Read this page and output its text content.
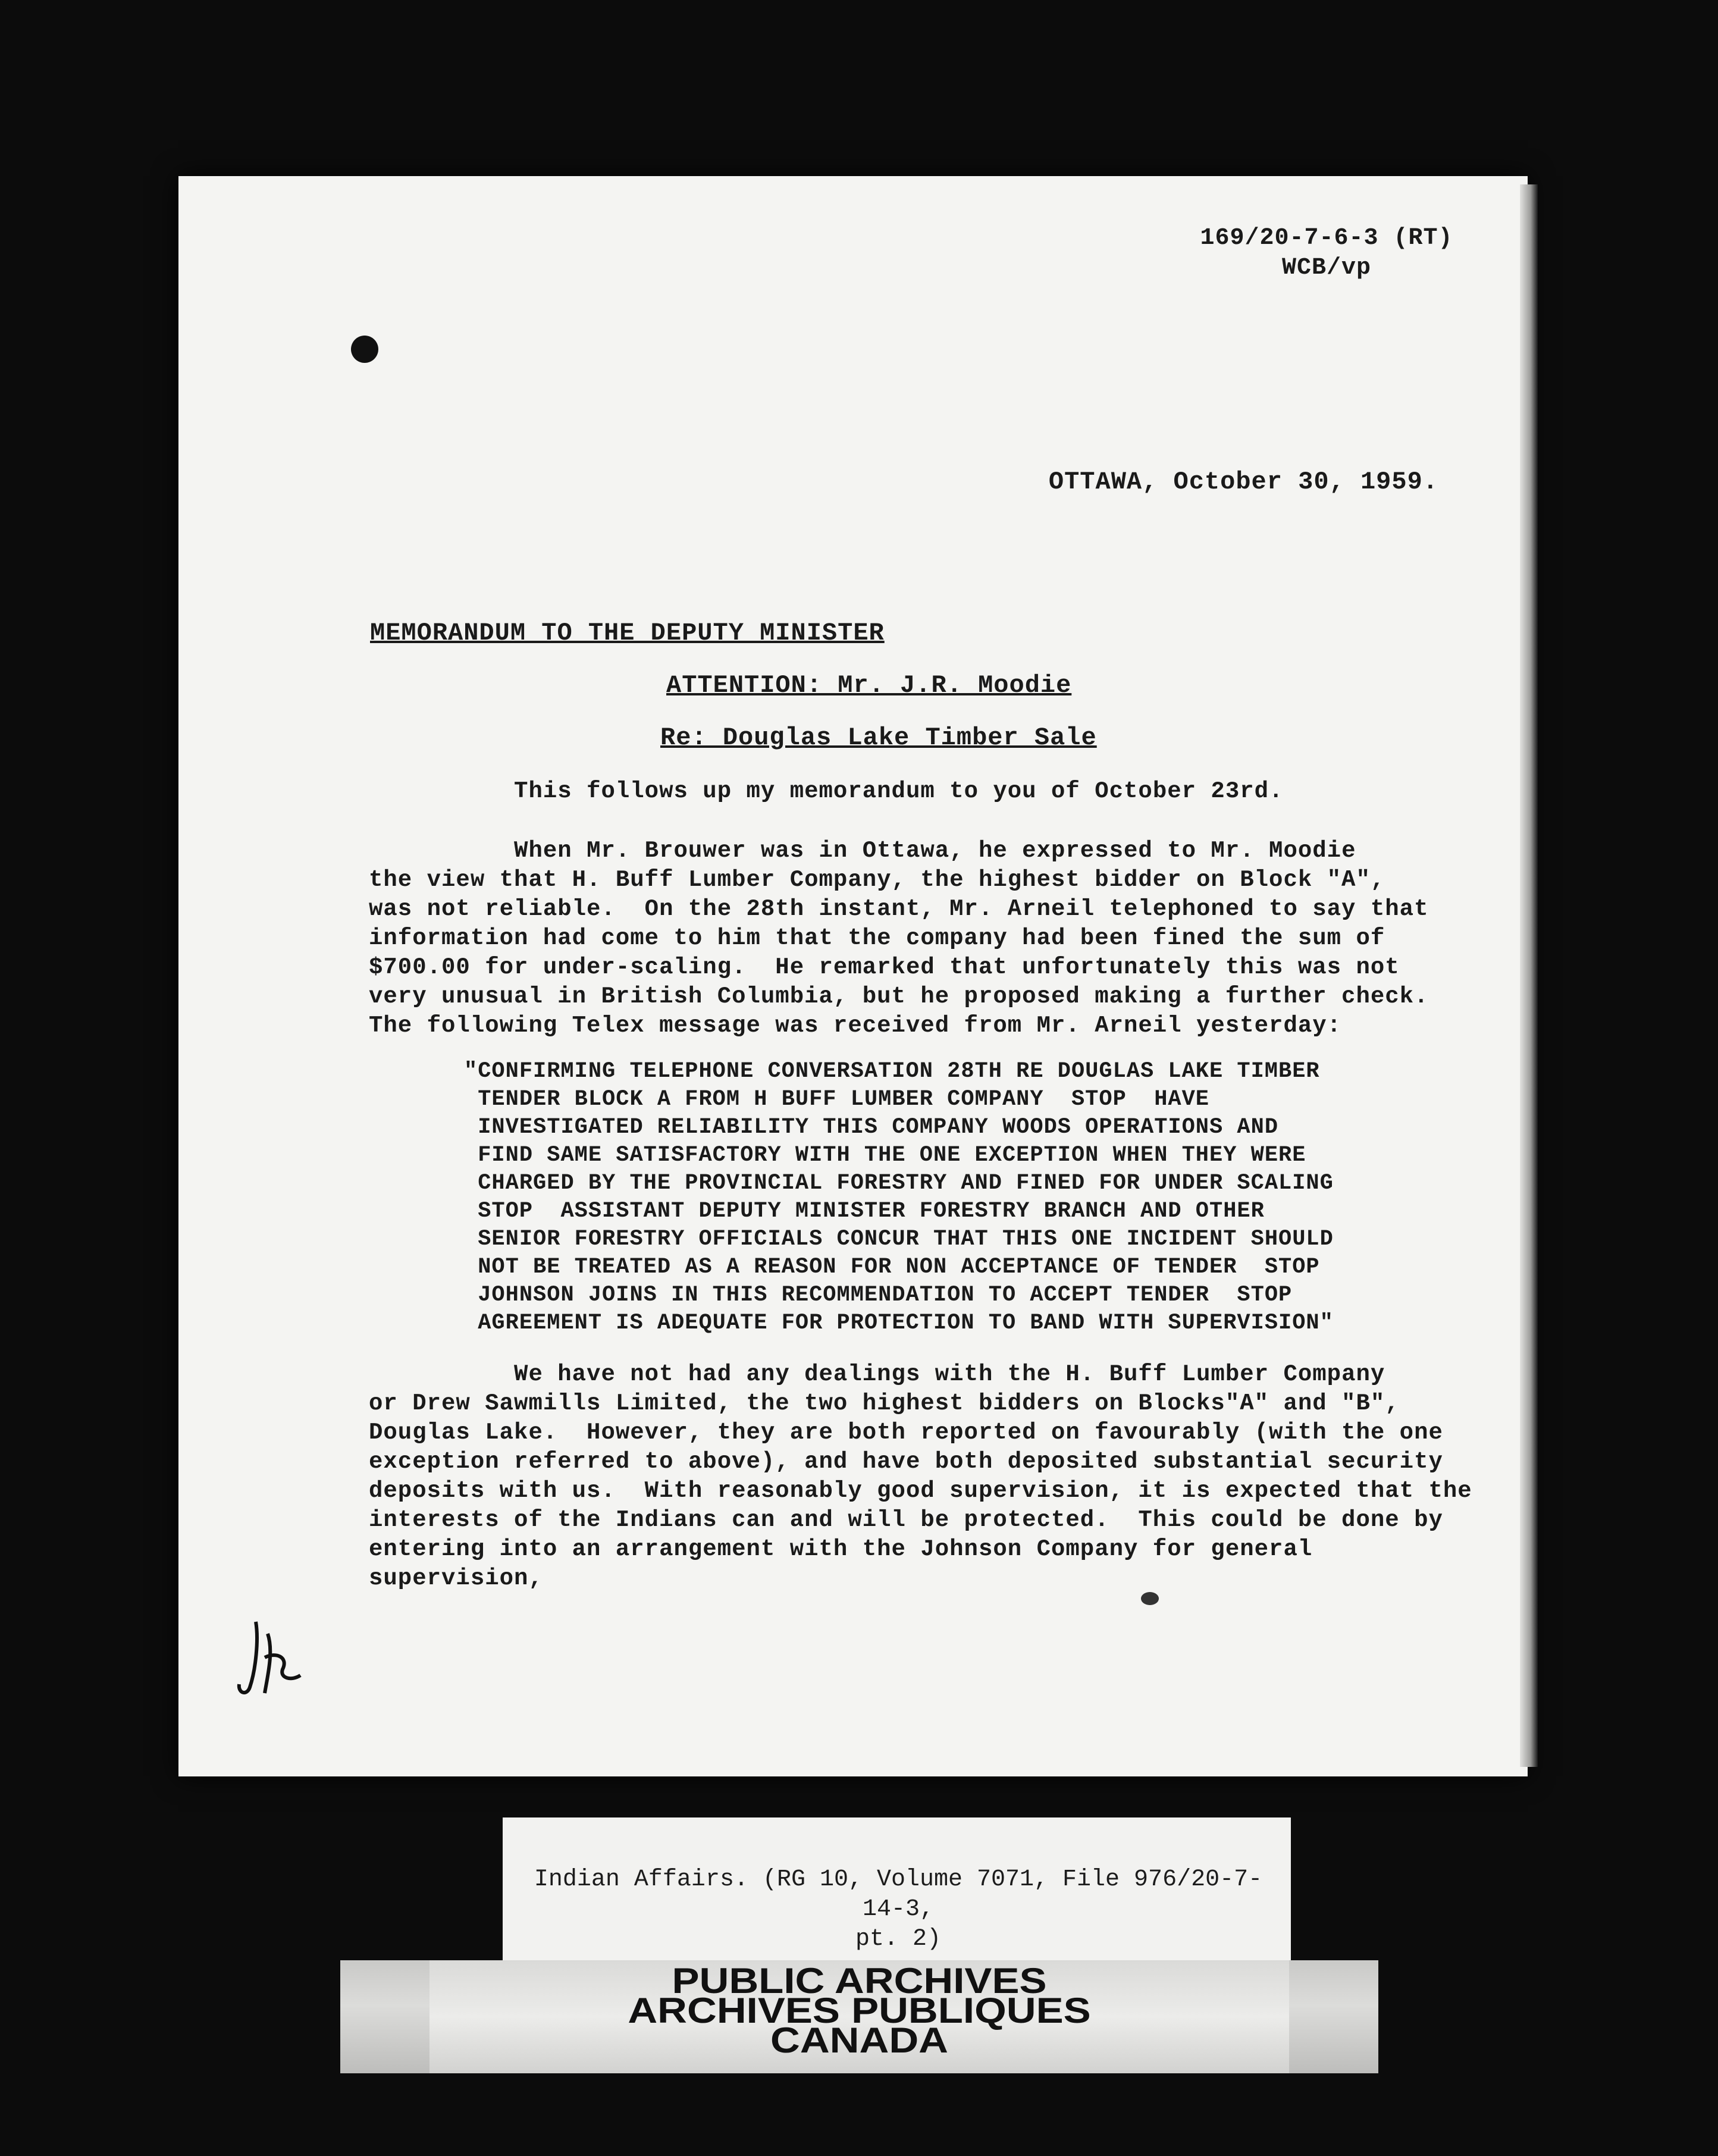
169/20-7-6-3 (RT)
WCB/vp

OTTAWA, October 30, 1959.

MEMORANDUM TO THE DEPUTY MINISTER

ATTENTION: Mr. J.R. Moodie

Re: Douglas Lake Timber Sale

This follows up my memorandum to you of October 23rd.

When Mr. Brouwer was in Ottawa, he expressed to Mr. Moodie
the view that H. Buff Lumber Company, the highest bidder on Block "A",
was not reliable.  On the 28th instant, Mr. Arneil telephoned to say that
information had come to him that the company had been fined the sum of
$700.00 for under-scaling.  He remarked that unfortunately this was not
very unusual in British Columbia, but he proposed making a further check.
The following Telex message was received from Mr. Arneil yesterday:

"CONFIRMING TELEPHONE CONVERSATION 28TH RE DOUGLAS LAKE TIMBER
TENDER BLOCK A FROM H BUFF LUMBER COMPANY  STOP  HAVE
INVESTIGATED RELIABILITY THIS COMPANY WOODS OPERATIONS AND
FIND SAME SATISFACTORY WITH THE ONE EXCEPTION WHEN THEY WERE
CHARGED BY THE PROVINCIAL FORESTRY AND FINED FOR UNDER SCALING
STOP  ASSISTANT DEPUTY MINISTER FORESTRY BRANCH AND OTHER
SENIOR FORESTRY OFFICIALS CONCUR THAT THIS ONE INCIDENT SHOULD
NOT BE TREATED AS A REASON FOR NON ACCEPTANCE OF TENDER  STOP
JOHNSON JOINS IN THIS RECOMMENDATION TO ACCEPT TENDER  STOP
AGREEMENT IS ADEQUATE FOR PROTECTION TO BAND WITH SUPERVISION"

We have not had any dealings with the H. Buff Lumber Company
or Drew Sawmills Limited, the two highest bidders on Blocks"A" and "B",
Douglas Lake.  However, they are both reported on favourably (with the one
exception referred to above), and have both deposited substantial security
deposits with us.  With reasonably good supervision, it is expected that the
interests of the Indians can and will be protected.  This could be done by
entering into an arrangement with the Johnson Company for general supervision,

Indian Affairs. (RG 10, Volume 7071, File 976/20-7-14-3,
pt. 2)

PUBLIC ARCHIVES
ARCHIVES PUBLIQUES
CANADA
